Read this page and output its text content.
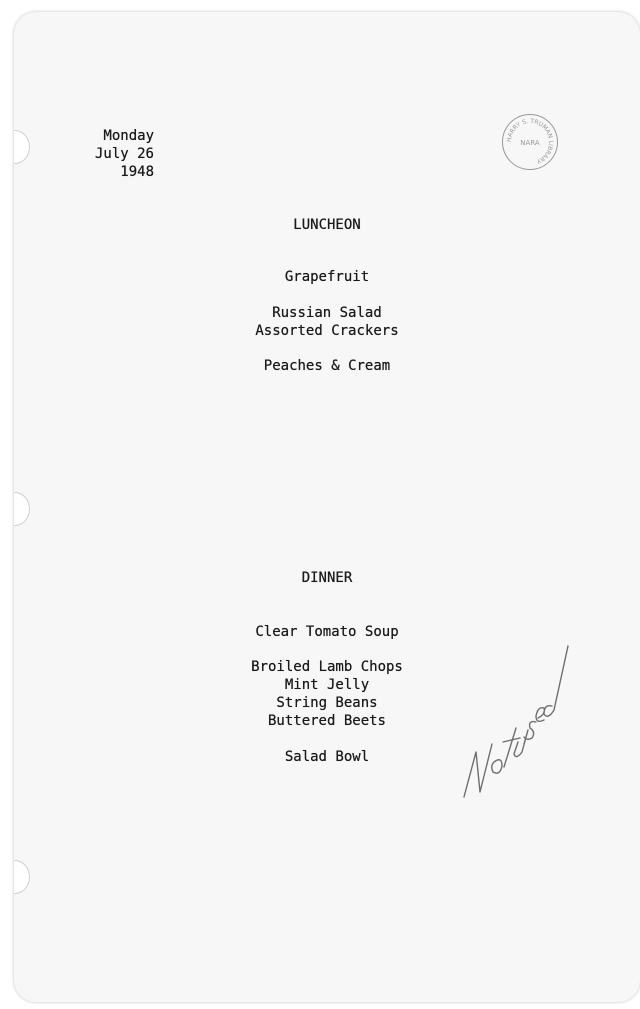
Monday
July 26
1948
HARRY S. TRUMAN LIBRARY
NARA
LUNCHEON
Grapefruit
Russian Salad
Assorted Crackers
Peaches & Cream
DINNER
Clear Tomato Soup
Broiled Lamb Chops
Mint Jelly
String Beans
Buttered Beets
Salad Bowl
